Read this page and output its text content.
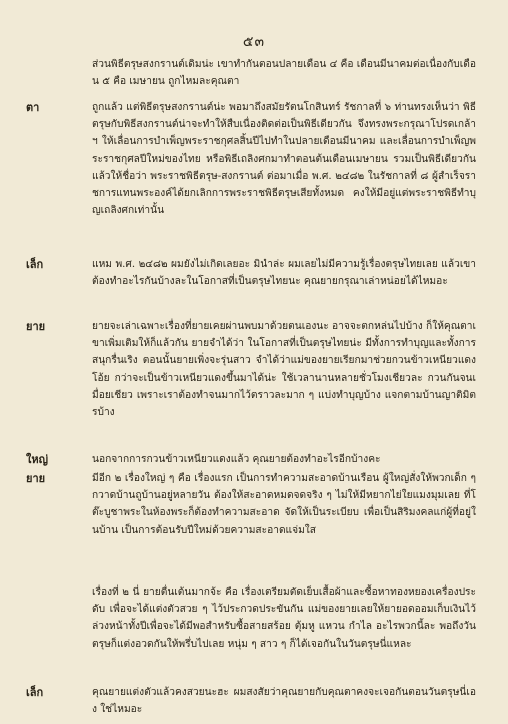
๕๓
ส่วนพิธีตรุษสงกรานต์เดิมน่ะ เขาทำกันตอนปลายเดือน ๔ คือ เดือนมีนาคมต่อเนื่องกับเดือน ๕ คือ เมษายน ถูกไหมละคุณตา
ตา	ถูกแล้ว แต่พิธีตรุษสงกรานต์น่ะ พอมาถึงสมัยรัตนโกสินทร์ รัชกาลที่ ๖ ท่านทรงเห็นว่า พิธีตรุษกับพิธีสงกรานต์น่าจะทำให้สืบเนื่องติดต่อเป็นพิธีเดียวกัน จึงทรงพระกรุณาโปรดเกล้าฯ ให้เลื่อนการบำเพ็ญพระราชกุศลสิ้นปีไปทำในปลายเดือนมีนาคม และเลื่อนการบำเพ็ญพระราชกุศลปีใหม่ของไทย หรือพิธีเถลิงศกมาทำตอนต้นเดือนเมษายน รวมเป็นพิธีเดียวกัน แล้วให้ชื่อว่า พระราชพิธีตรุษ-สงกรานต์ ต่อมาเมื่อ พ.ศ. ๒๔๘๒ ในรัชกาลที่ ๘ ผู้สำเร็จราชการแทนพระองค์ได้ยกเลิกการพระราชพิธีตรุษเสียทั้งหมด คงให้มีอยู่แต่พระราชพิธีทำบุญเถลิงศกเท่านั้น
เล็ก	แหม พ.ศ. ๒๔๘๒ ผมยังไม่เกิดเลยอะ มินำล่ะ ผมเลยไม่มีความรู้เรื่องตรุษไทยเลย แล้วเขาต้องทำอะไรกันบ้างละในโอกาสที่เป็นตรุษไทยนะ คุณยายกรุณาเล่าหน่อยได้ไหมอะ
ยาย	ยายจะเล่าเฉพาะเรื่องที่ยายเคยผ่านพบมาด้วยตนเองนะ อาจจะตกหล่นไปบ้าง ก็ให้คุณตาเขาเพิ่มเติมให้ก็แล้วกัน ยายจำได้ว่า ในโอกาสที่เป็นตรุษไทยน่ะ มีทั้งการทำบุญและทั้งการสนุกรื่นเริง ตอนนั้นยายเพิ่งจะรุ่นสาว จำได้ว่าแม่ของยายเรียกมาช่วยกวนข้าวเหนียวแดง โอ้ย กว่าจะเป็นข้าวเหนียวแดงขึ้นมาได้น่ะ ใช้เวลานานหลายชั่วโมงเชียวละ กวนกันจนเมื่อยเชียว เพราะเราต้องทำจนมากไว้ตราวละมาก ๆ แบ่งทำบุญบ้าง แจกตามบ้านญาติมิตรบ้าง
ใหญ่	นอกจากการกวนข้าวเหนียวแดงแล้ว คุณยายต้องทำอะไรอีกบ้างคะ
ยาย	มีอีก ๒ เรื่องใหญ่ ๆ คือ เรื่องแรก เป็นการทำความสะอาดบ้านเรือน ผู้ใหญ่สั่งให้พวกเด็ก ๆ กวาดบ้านถูบ้านอยู่หลายวัน ต้องให้สะอาดหมดจดจริง ๆ ไม่ให้มีหยากไย่ใยแมงมุมเลย ที่โต๊ะบูชาพระในห้องพระก็ต้องทำความสะอาด จัดให้เป็นระเบียบ เพื่อเป็นสิริมงคลแก่ผู้ที่อยู่ในบ้าน เป็นการต้อนรับปีใหม่ด้วยความสะอาดแจ่มใส
เรื่องที่ ๒ นี่ ยายตื่นเต้นมากจ้ะ คือ เรื่องเตรียมตัดเย็บเสื้อผ้าและซื้อหาทองหยองเครื่องประดับ เพื่อจะได้แต่งตัวสวย ๆ ไว้ประกวดประขันกัน แม่ของยายเลยให้ยายอดออมเก็บเงินไว้ล่วงหน้าทั้งปีเพื่อจะได้มีพอสำหรับซื้อสายสร้อย ตุ้มหู แหวน กำไล อะไรพวกนี้ละ พอถึงวันตรุษก็แต่งอวดกันให้พรึ่บไปเลย หนุ่ม ๆ สาว ๆ ก็ได้เจอกันในวันตรุษนี่แหละ
เล็ก	คุณยายแต่งตัวแล้วคงสวยนะฮะ ผมสงสัยว่าคุณยายกับคุณตาคงจะเจอกันตอนวันตรุษนี่เอง ใช่ไหมอะ
